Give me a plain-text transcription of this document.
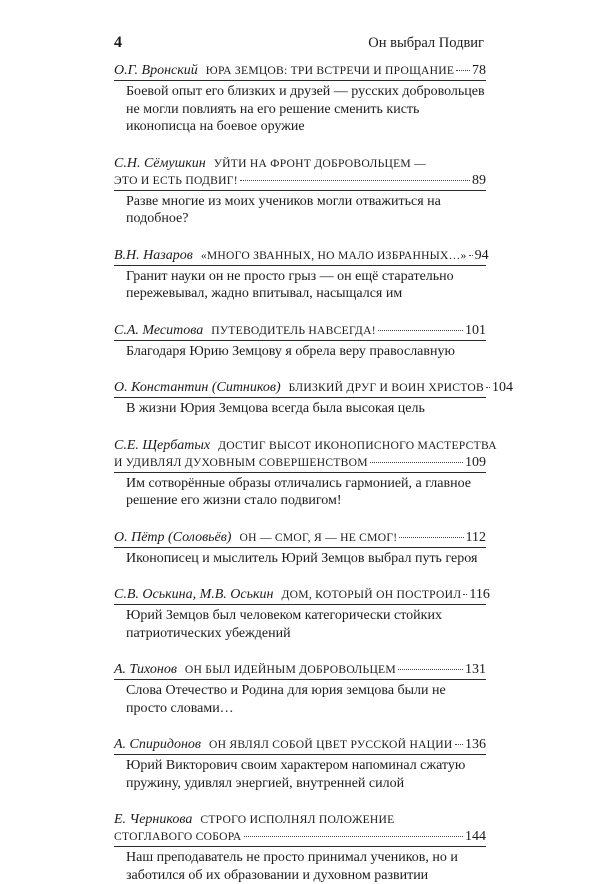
4	Он выбрал Подвиг
О.Г. Вронский ЮРА ЗЕМЦОВ: ТРИ ВСТРЕЧИ И ПРОЩАНИЕ 78
Боевой опыт его близких и друзей — русских добровольцев не могли повлиять на его решение сменить кисть иконописца на боевое оружие
С.Н. Сёмушкин УЙТИ НА ФРОНТ ДОБРОВОЛЬЦЕМ —
ЭТО И ЕСТЬ ПОДВИГ!	89
Разве многие из моих учеников могли отважиться на подобное?
В.Н. Назаров «МНОГО ЗВАННЫХ, НО МАЛО ИЗБРАННЫХ…» 94
Гранит науки он не просто грыз — он ещё старательно пережевывал, жадно впитывал, насыщался им
С.А. Меситова ПУТЕВОДИТЕЛЬ НАВСЕГДА!	101
Благодаря Юрию Земцову я обрела веру православную
О. Константин (Ситников) БЛИЗКИЙ ДРУГ И ВОИН ХРИСТОВ 104
В жизни Юрия Земцова всегда была высокая цель
С.Е. Щербатых ДОСТИГ ВЫСОТ ИКОНОПИСНОГО МАСТЕРСТВА
И УДИВЛЯЛ ДУХОВНЫМ СОВЕРШЕНСТВОМ	109
Им сотворённые образы отличались гармонией, а главное решение его жизни стало подвигом!
О. Пётр (Соловьёв) ОН — СМОГ, Я — НЕ СМОГ!	112
Иконописец и мыслитель Юрий Земцов выбрал путь героя
С.В. Оськина, М.В. Оськин ДОМ, КОТОРЫЙ ОН ПОСТРОИЛ 116
Юрий Земцов был человеком категорически стойких патриотических убеждений
А. Тихонов ОН БЫЛ ИДЕЙНЫМ ДОБРОВОЛЬЦЕМ	131
Слова Отечество и Родина для юрия земцова были не просто словами…
А. Спиридонов ОН ЯВЛЯЛ СОБОЙ ЦВЕТ РУССКОЙ НАЦИИ 136
Юрий Викторович своим характером напоминал сжатую пружину, удивлял энергией, внутренней силой
Е. Черникова СТРОГО ИСПОЛНЯЛ ПОЛОЖЕНИЕ
СТОГЛАВОГО СОБОРА	144
Наш преподаватель не просто принимал учеников, но и заботился об их образовании и духовном развитии
